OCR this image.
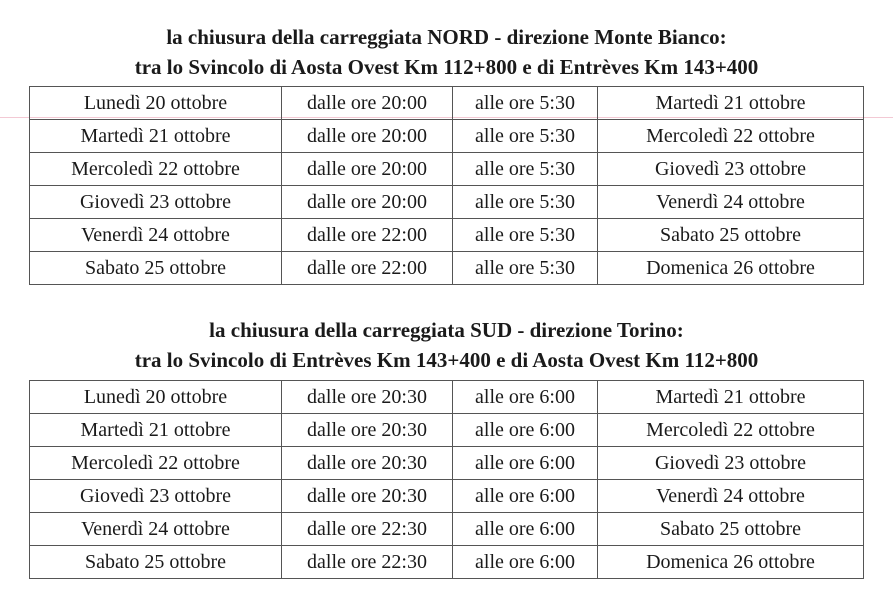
la chiusura della carreggiata NORD - direzione Monte Bianco:
tra lo Svincolo di Aosta Ovest Km 112+800 e di Entrèves Km 143+400
Lunedì 20 ottobre	dalle ore 20:00	alle ore 5:30	Martedì 21 ottobre
Martedì 21 ottobre	dalle ore 20:00	alle ore 5:30	Mercoledì 22 ottobre
Mercoledì 22 ottobre	dalle ore 20:00	alle ore 5:30	Giovedì 23 ottobre
Giovedì 23 ottobre	dalle ore 20:00	alle ore 5:30	Venerdì 24 ottobre
Venerdì 24 ottobre	dalle ore 22:00	alle ore 5:30	Sabato 25 ottobre
Sabato 25 ottobre	dalle ore 22:00	alle ore 5:30	Domenica 26 ottobre
la chiusura della carreggiata SUD - direzione Torino:
tra lo Svincolo di Entrèves Km 143+400 e di Aosta Ovest Km 112+800
Lunedì 20 ottobre	dalle ore 20:30	alle ore 6:00	Martedì 21 ottobre
Martedì 21 ottobre	dalle ore 20:30	alle ore 6:00	Mercoledì 22 ottobre
Mercoledì 22 ottobre	dalle ore 20:30	alle ore 6:00	Giovedì 23 ottobre
Giovedì 23 ottobre	dalle ore 20:30	alle ore 6:00	Venerdì 24 ottobre
Venerdì 24 ottobre	dalle ore 22:30	alle ore 6:00	Sabato 25 ottobre
Sabato 25 ottobre	dalle ore 22:30	alle ore 6:00	Domenica 26 ottobre
